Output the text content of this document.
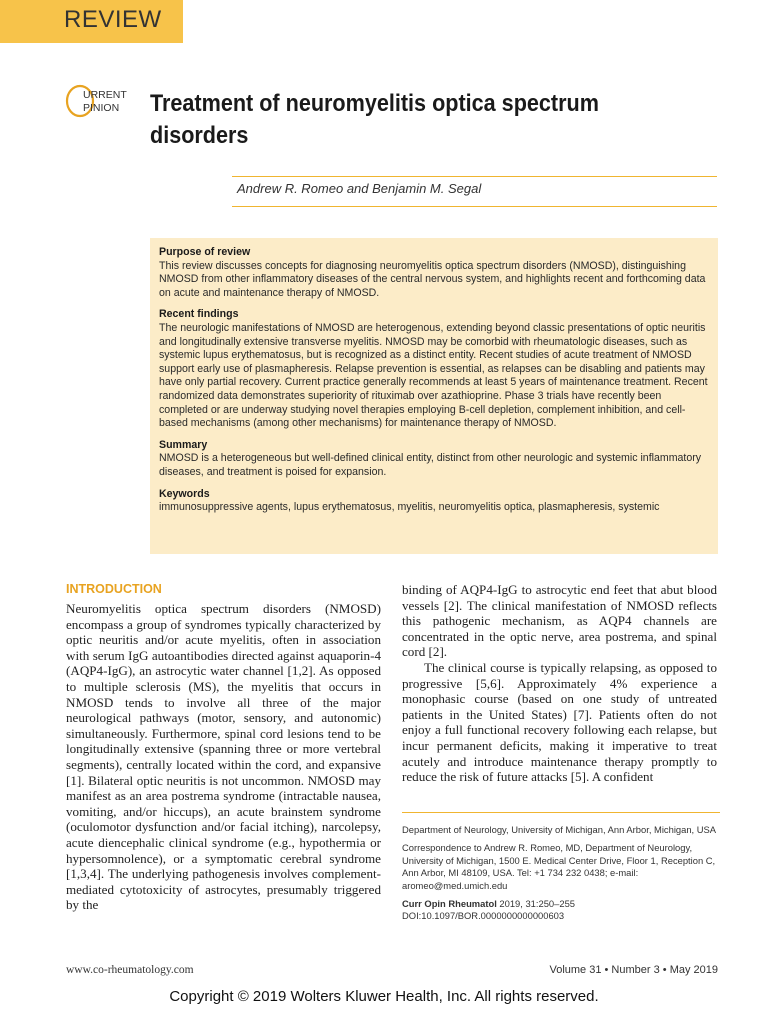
REVIEW
URRENT
PINION Treatment of neuromyelitis optica spectrum disorders
Andrew R. Romeo and Benjamin M. Segal
Purpose of review

This review discusses concepts for diagnosing neuromyelitis optica spectrum disorders (NMOSD), distinguishing NMOSD from other inflammatory diseases of the central nervous system, and highlights recent and forthcoming data on acute and maintenance therapy of NMOSD.

Recent findings

The neurologic manifestations of NMOSD are heterogenous, extending beyond classic presentations of optic neuritis and longitudinally extensive transverse myelitis. NMOSD may be comorbid with rheumatologic diseases, such as systemic lupus erythematosus, but is recognized as a distinct entity. Recent studies of acute treatment of NMOSD support early use of plasmapheresis. Relapse prevention is essential, as relapses can be disabling and patients may have only partial recovery. Current practice generally recommends at least 5 years of maintenance treatment. Recent randomized data demonstrates superiority of rituximab over azathioprine. Phase 3 trials have recently been completed or are underway studying novel therapies employing B-cell depletion, complement inhibition, and cell-based mechanisms (among other mechanisms) for maintenance therapy of NMOSD.

Summary

NMOSD is a heterogeneous but well-defined clinical entity, distinct from other neurologic and systemic inflammatory diseases, and treatment is poised for expansion.

Keywords

immunosuppressive agents, lupus erythematosus, myelitis, neuromyelitis optica, plasmapheresis, systemic

INTRODUCTION

Neuromyelitis optica spectrum disorders (NMOSD) encompass a group of syndromes typically characterized by optic neuritis and/or acute myelitis, often in association with serum IgG autoantibodies directed against aquaporin-4 (AQP4-IgG), an astrocytic water channel [1,2]. As opposed to multiple sclerosis (MS), the myelitis that occurs in NMOSD tends to involve all three of the major neurological pathways (motor, sensory, and autonomic) simultaneously. Furthermore, spinal cord lesions tend to be longitudinally extensive (spanning three or more vertebral segments), centrally located within the cord, and expansive [1]. Bilateral optic neuritis is not uncommon. NMOSD may manifest as an area postrema syndrome (intractable nausea, vomiting, and/or hiccups), an acute brainstem syndrome (oculomotor dysfunction and/or facial itching), narcolepsy, acute diencephalic clinical syndrome (e.g., hypothermia or hypersomnolence), or a symptomatic cerebral syndrome [1,3,4]. The underlying pathogenesis involves complement-mediated cytotoxicity of astrocytes, presumably triggered by the

binding of AQP4-IgG to astrocytic end feet that abut blood vessels [2]. The clinical manifestation of NMOSD reflects this pathogenic mechanism, as AQP4 channels are concentrated in the optic nerve, area postrema, and spinal cord [2].

The clinical course is typically relapsing, as opposed to progressive [5,6]. Approximately 4% experience a monophasic course (based on one study of untreated patients in the United States) [7]. Patients often do not enjoy a full functional recovery following each relapse, but incur permanent deficits, making it imperative to treat acutely and introduce maintenance therapy promptly to reduce the risk of future attacks [5]. A confident

Department of Neurology, University of Michigan, Ann Arbor, Michigan, USA

Correspondence to Andrew R. Romeo, MD, Department of Neurology, University of Michigan, 1500 E. Medical Center Drive, Floor 1, Reception C, Ann Arbor, MI 48109, USA. Tel: +1 734 232 0438; e-mail: aromeo@med.umich.edu

Curr Opin Rheumatol 2019, 31:250–255

DOI:10.1097/BOR.0000000000000603

www.co-rheumatology.com	Volume 31 • Number 3 • May 2019
Copyright © 2019 Wolters Kluwer Health, Inc. All rights reserved.
